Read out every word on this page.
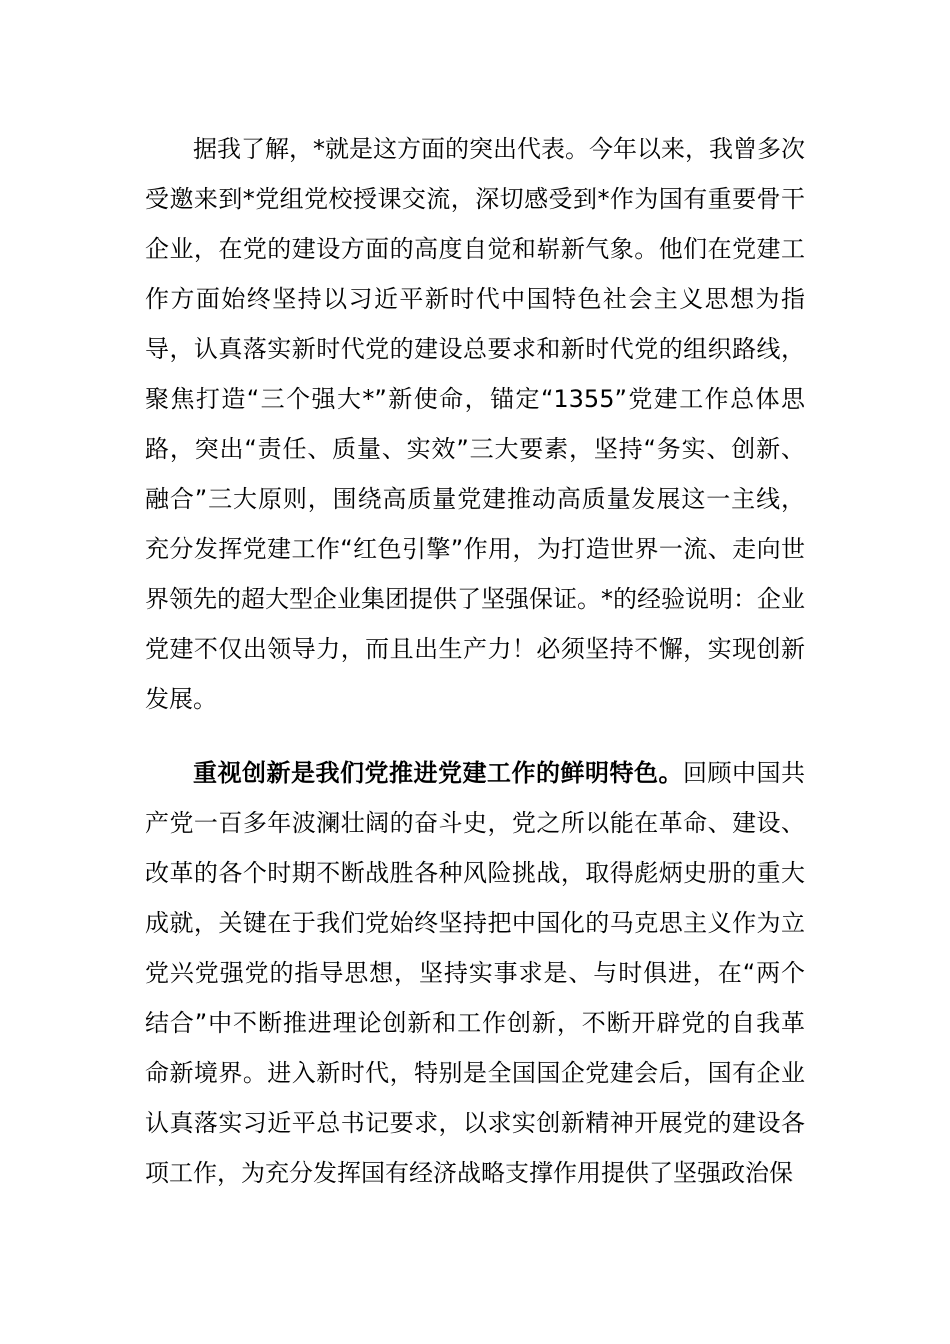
据我了解，*就是这方面的突出代表。今年以来，我曾多次受邀来到*党组党校授课交流，深切感受到*作为国有重要骨干企业，在党的建设方面的高度自觉和崭新气象。他们在党建工作方面始终坚持以习近平新时代中国特色社会主义思想为指导，认真落实新时代党的建设总要求和新时代党的组织路线，聚焦打造“三个强大*”新使命，锚定“1355”党建工作总体思路，突出“责任、质量、实效”三大要素，坚持“务实、创新、融合”三大原则，围绕高质量党建推动高质量发展这一主线，充分发挥党建工作“红色引擎”作用，为打造世界一流、走向世界领先的超大型企业集团提供了坚强保证。*的经验说明：企业党建不仅出领导力，而且出生产力！必须坚持不懈，实现创新发展。

重视创新是我们党推进党建工作的鲜明特色。回顾中国共产党一百多年波澜壮阔的奋斗史，党之所以能在革命、建设、改革的各个时期不断战胜各种风险挑战，取得彪炳史册的重大成就，关键在于我们党始终坚持把中国化的马克思主义作为立党兴党强党的指导思想，坚持实事求是、与时俱进，在“两个结合”中不断推进理论创新和工作创新，不断开辟党的自我革命新境界。进入新时代，特别是全国国企党建会后，国有企业认真落实习近平总书记要求，以求实创新精神开展党的建设各项工作，为充分发挥国有经济战略支撑作用提供了坚强政治保
